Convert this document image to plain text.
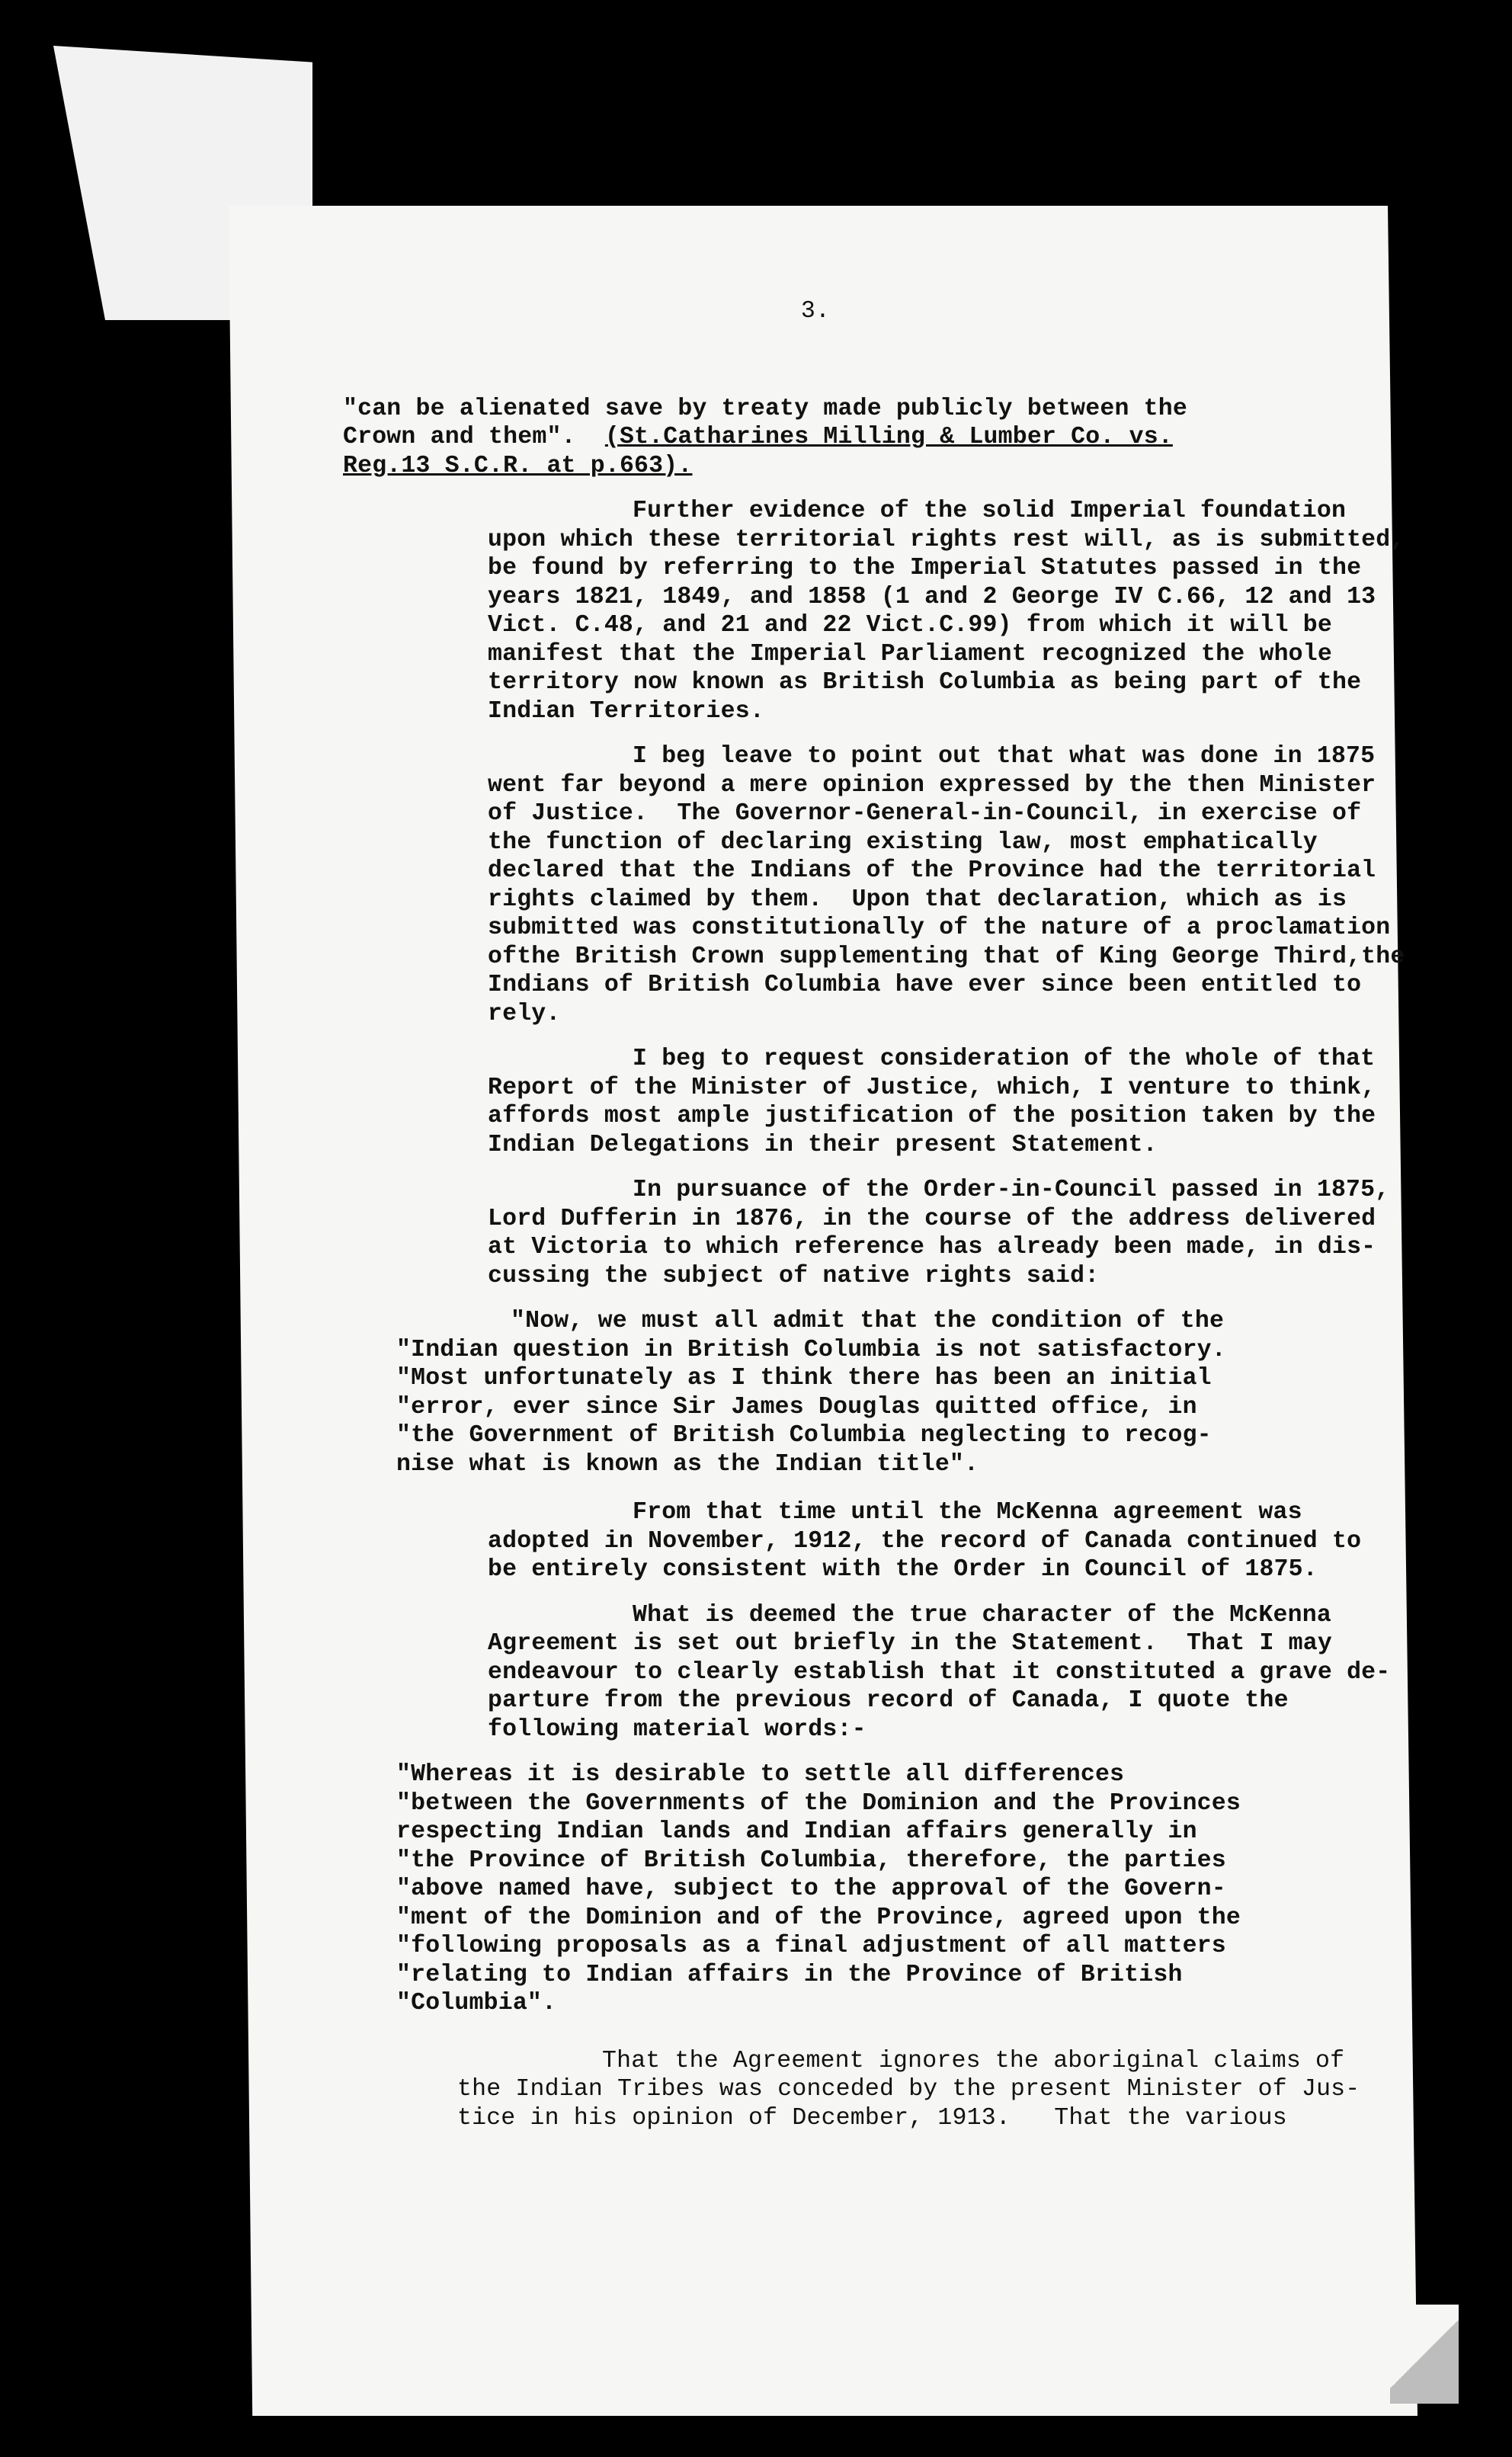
3.
"can be alienated save by treaty made publicly between the
Crown and them". (St.Catharines Milling & Lumber Co. vs.
Reg.13 S.C.R. at p.663).
Further evidence of the solid Imperial foundation
upon which these territorial rights rest will, as is submitted,
be found by referring to the Imperial Statutes passed in the
years 1821, 1849, and 1858 (1 and 2 George IV C.66, 12 and 13
Vict. C.48, and 21 and 22 Vict.C.99) from which it will be
manifest that the Imperial Parliament recognized the whole
territory now known as British Columbia as being part of the
Indian Territories.
I beg leave to point out that what was done in 1875
went far beyond a mere opinion expressed by the then Minister
of Justice.  The Governor-General-in-Council, in exercise of
the function of declaring existing law, most emphatically
declared that the Indians of the Province had the territorial
rights claimed by them.  Upon that declaration, which as is
submitted was constitutionally of the nature of a proclamation
ofthe British Crown supplementing that of King George Third,the
Indians of British Columbia have ever since been entitled to
rely.
I beg to request consideration of the whole of that
Report of the Minister of Justice, which, I venture to think,
affords most ample justification of the position taken by the
Indian Delegations in their present Statement.
In pursuance of the Order-in-Council passed in 1875,
Lord Dufferin in 1876, in the course of the address delivered
at Victoria to which reference has already been made, in dis-
cussing the subject of native rights said:
"Now, we must all admit that the condition of the
"Indian question in British Columbia is not satisfactory.
"Most unfortunately as I think there has been an initial
"error, ever since Sir James Douglas quitted office, in
"the Government of British Columbia neglecting to recog-
nise what is known as the Indian title".
From that time until the McKenna agreement was
adopted in November, 1912, the record of Canada continued to
be entirely consistent with the Order in Council of 1875.
What is deemed the true character of the McKenna
Agreement is set out briefly in the Statement.  That I may
endeavour to clearly establish that it constituted a grave de-
parture from the previous record of Canada, I quote the
following material words:-
"Whereas it is desirable to settle all differences
"between the Governments of the Dominion and the Provinces
respecting Indian lands and Indian affairs generally in
"the Province of British Columbia, therefore, the parties
"above named have, subject to the approval of the Govern-
"ment of the Dominion and of the Province, agreed upon the
"following proposals as a final adjustment of all matters
"relating to Indian affairs in the Province of British
"Columbia".
That the Agreement ignores the aboriginal claims of
the Indian Tribes was conceded by the present Minister of Jus-
tice in his opinion of December, 1913.   That the various
